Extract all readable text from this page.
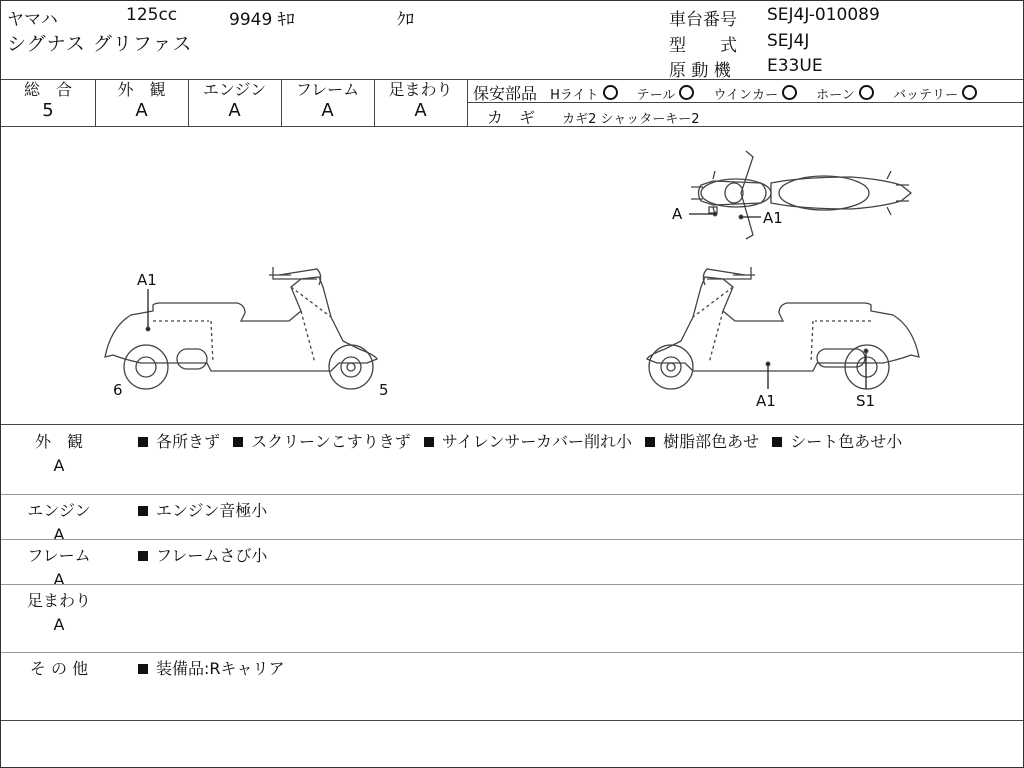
ヤマハ	125cc	9949 ｷﾛ	ｸﾛ
シグナス グリファス
車台番号 SEJ4J-010089
型　　式 SEJ4J
原 動 機 E33UE
総　合
5
外　観
A
エンジン
A
フレーム
A
足まわり
A
保安部品 Hライト	テール	ウインカー	ホーン	バッテリー
カ　ギ カギ2 シャッターキー2
A	A1
A1
6	5
A1	S1
外　観
A
各所きず スクリーンこすりきず サイレンサーカバー削れ小 樹脂部色あせ シート色あせ小
エンジン
A
エンジン音極小
フレーム
A
フレームさび小
足まわり
A
そ の 他	装備品:Rキャリア
